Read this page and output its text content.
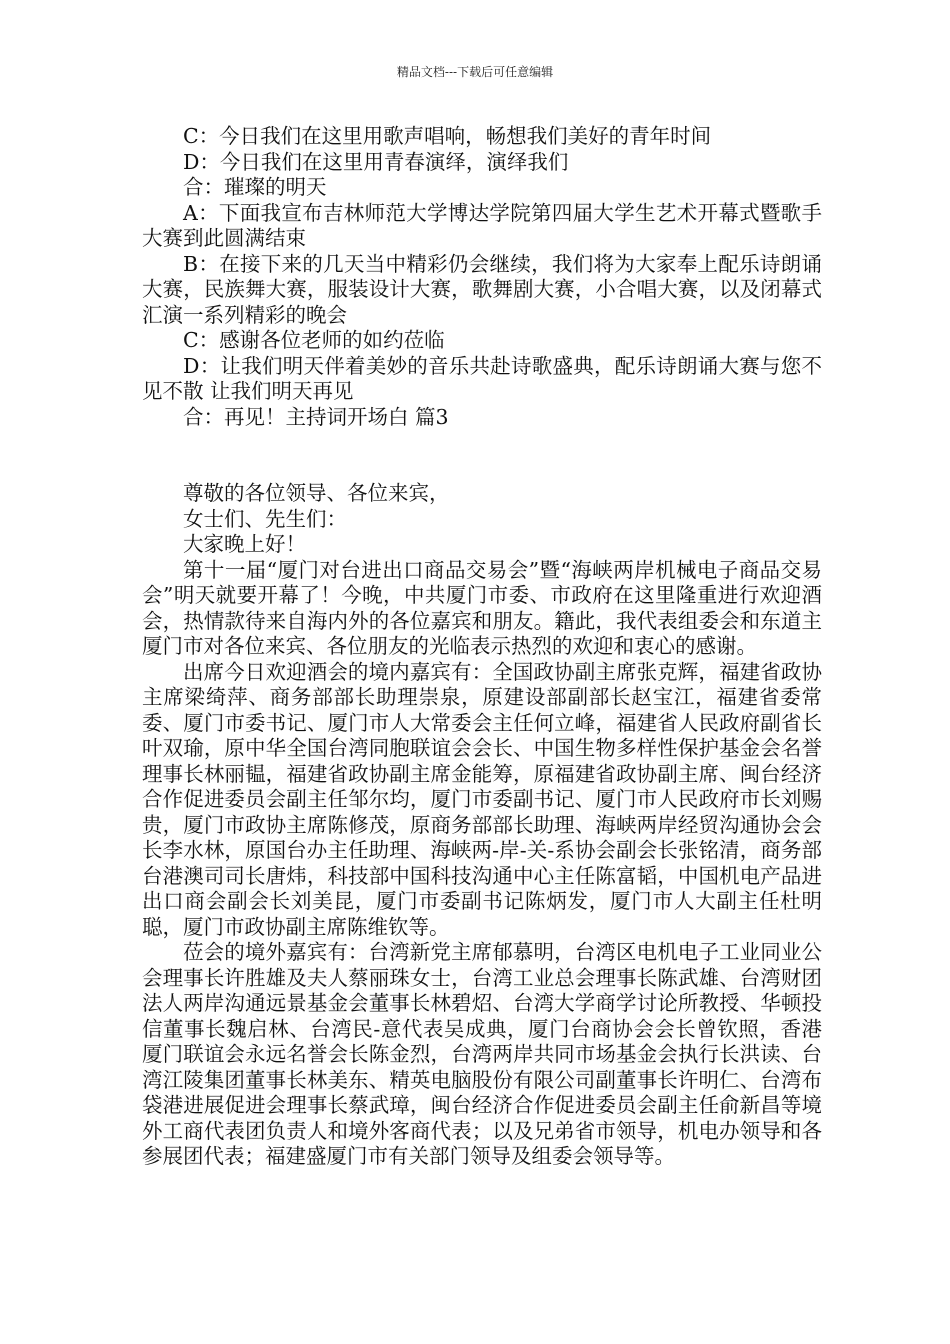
精品文档---下载后可任意编辑

C：今日我们在这里用歌声唱响，畅想我们美好的青年时间

D：今日我们在这里用青春演绎，演绎我们

合：璀璨的明天

A：下面我宣布吉林师范大学博达学院第四届大学生艺术开幕式暨歌手大赛到此圆满结束

B：在接下来的几天当中精彩仍会继续，我们将为大家奉上配乐诗朗诵大赛，民族舞大赛，服装设计大赛，歌舞剧大赛，小合唱大赛，以及闭幕式汇演一系列精彩的晚会

C：感谢各位老师的如约莅临

D：让我们明天伴着美妙的音乐共赴诗歌盛典，配乐诗朗诵大赛与您不见不散 让我们明天再见

合：再见！主持词开场白 篇3

尊敬的各位领导、各位来宾，

女士们、先生们：

大家晚上好！

第十一届“厦门对台进出口商品交易会”暨“海峡两岸机械电子商品交易会”明天就要开幕了！今晚，中共厦门市委、市政府在这里隆重进行欢迎酒会，热情款待来自海内外的各位嘉宾和朋友。籍此，我代表组委会和东道主厦门市对各位来宾、各位朋友的光临表示热烈的欢迎和衷心的感谢。

出席今日欢迎酒会的境内嘉宾有：全国政协副主席张克辉，福建省政协主席梁绮萍、商务部部长助理崇泉，原建设部副部长赵宝江，福建省委常委、厦门市委书记、厦门市人大常委会主任何立峰，福建省人民政府副省长叶双瑜，原中华全国台湾同胞联谊会会长、中国生物多样性保护基金会名誉理事长林丽韫，福建省政协副主席金能筹，原福建省政协副主席、闽台经济合作促进委员会副主任邹尔均，厦门市委副书记、厦门市人民政府市长刘赐贵，厦门市政协主席陈修茂，原商务部部长助理、海峡两岸经贸沟通协会会长李水林，原国台办主任助理、海峡两-岸-关-系协会副会长张铭清，商务部台港澳司司长唐炜，科技部中国科技沟通中心主任陈富韬，中国机电产品进出口商会副会长刘美昆，厦门市委副书记陈炳发，厦门市人大副主任杜明聪，厦门市政协副主席陈维钦等。

莅会的境外嘉宾有：台湾新党主席郁慕明，台湾区电机电子工业同业公会理事长许胜雄及夫人蔡丽珠女士，台湾工业总会理事长陈武雄、台湾财团法人两岸沟通远景基金会董事长林碧炤、台湾大学商学讨论所教授、华顿投信董事长魏启林、台湾民-意代表吴成典，厦门台商协会会长曾钦照，香港厦门联谊会永远名誉会长陈金烈，台湾两岸共同市场基金会执行长洪读、台湾江陵集团董事长林美东、精英电脑股份有限公司副董事长许明仁、台湾布袋港进展促进会理事长蔡武璋，闽台经济合作促进委员会副主任俞新昌等境外工商代表团负责人和境外客商代表；以及兄弟省市领导，机电办领导和各参展团代表；福建盛厦门市有关部门领导及组委会领导等。
